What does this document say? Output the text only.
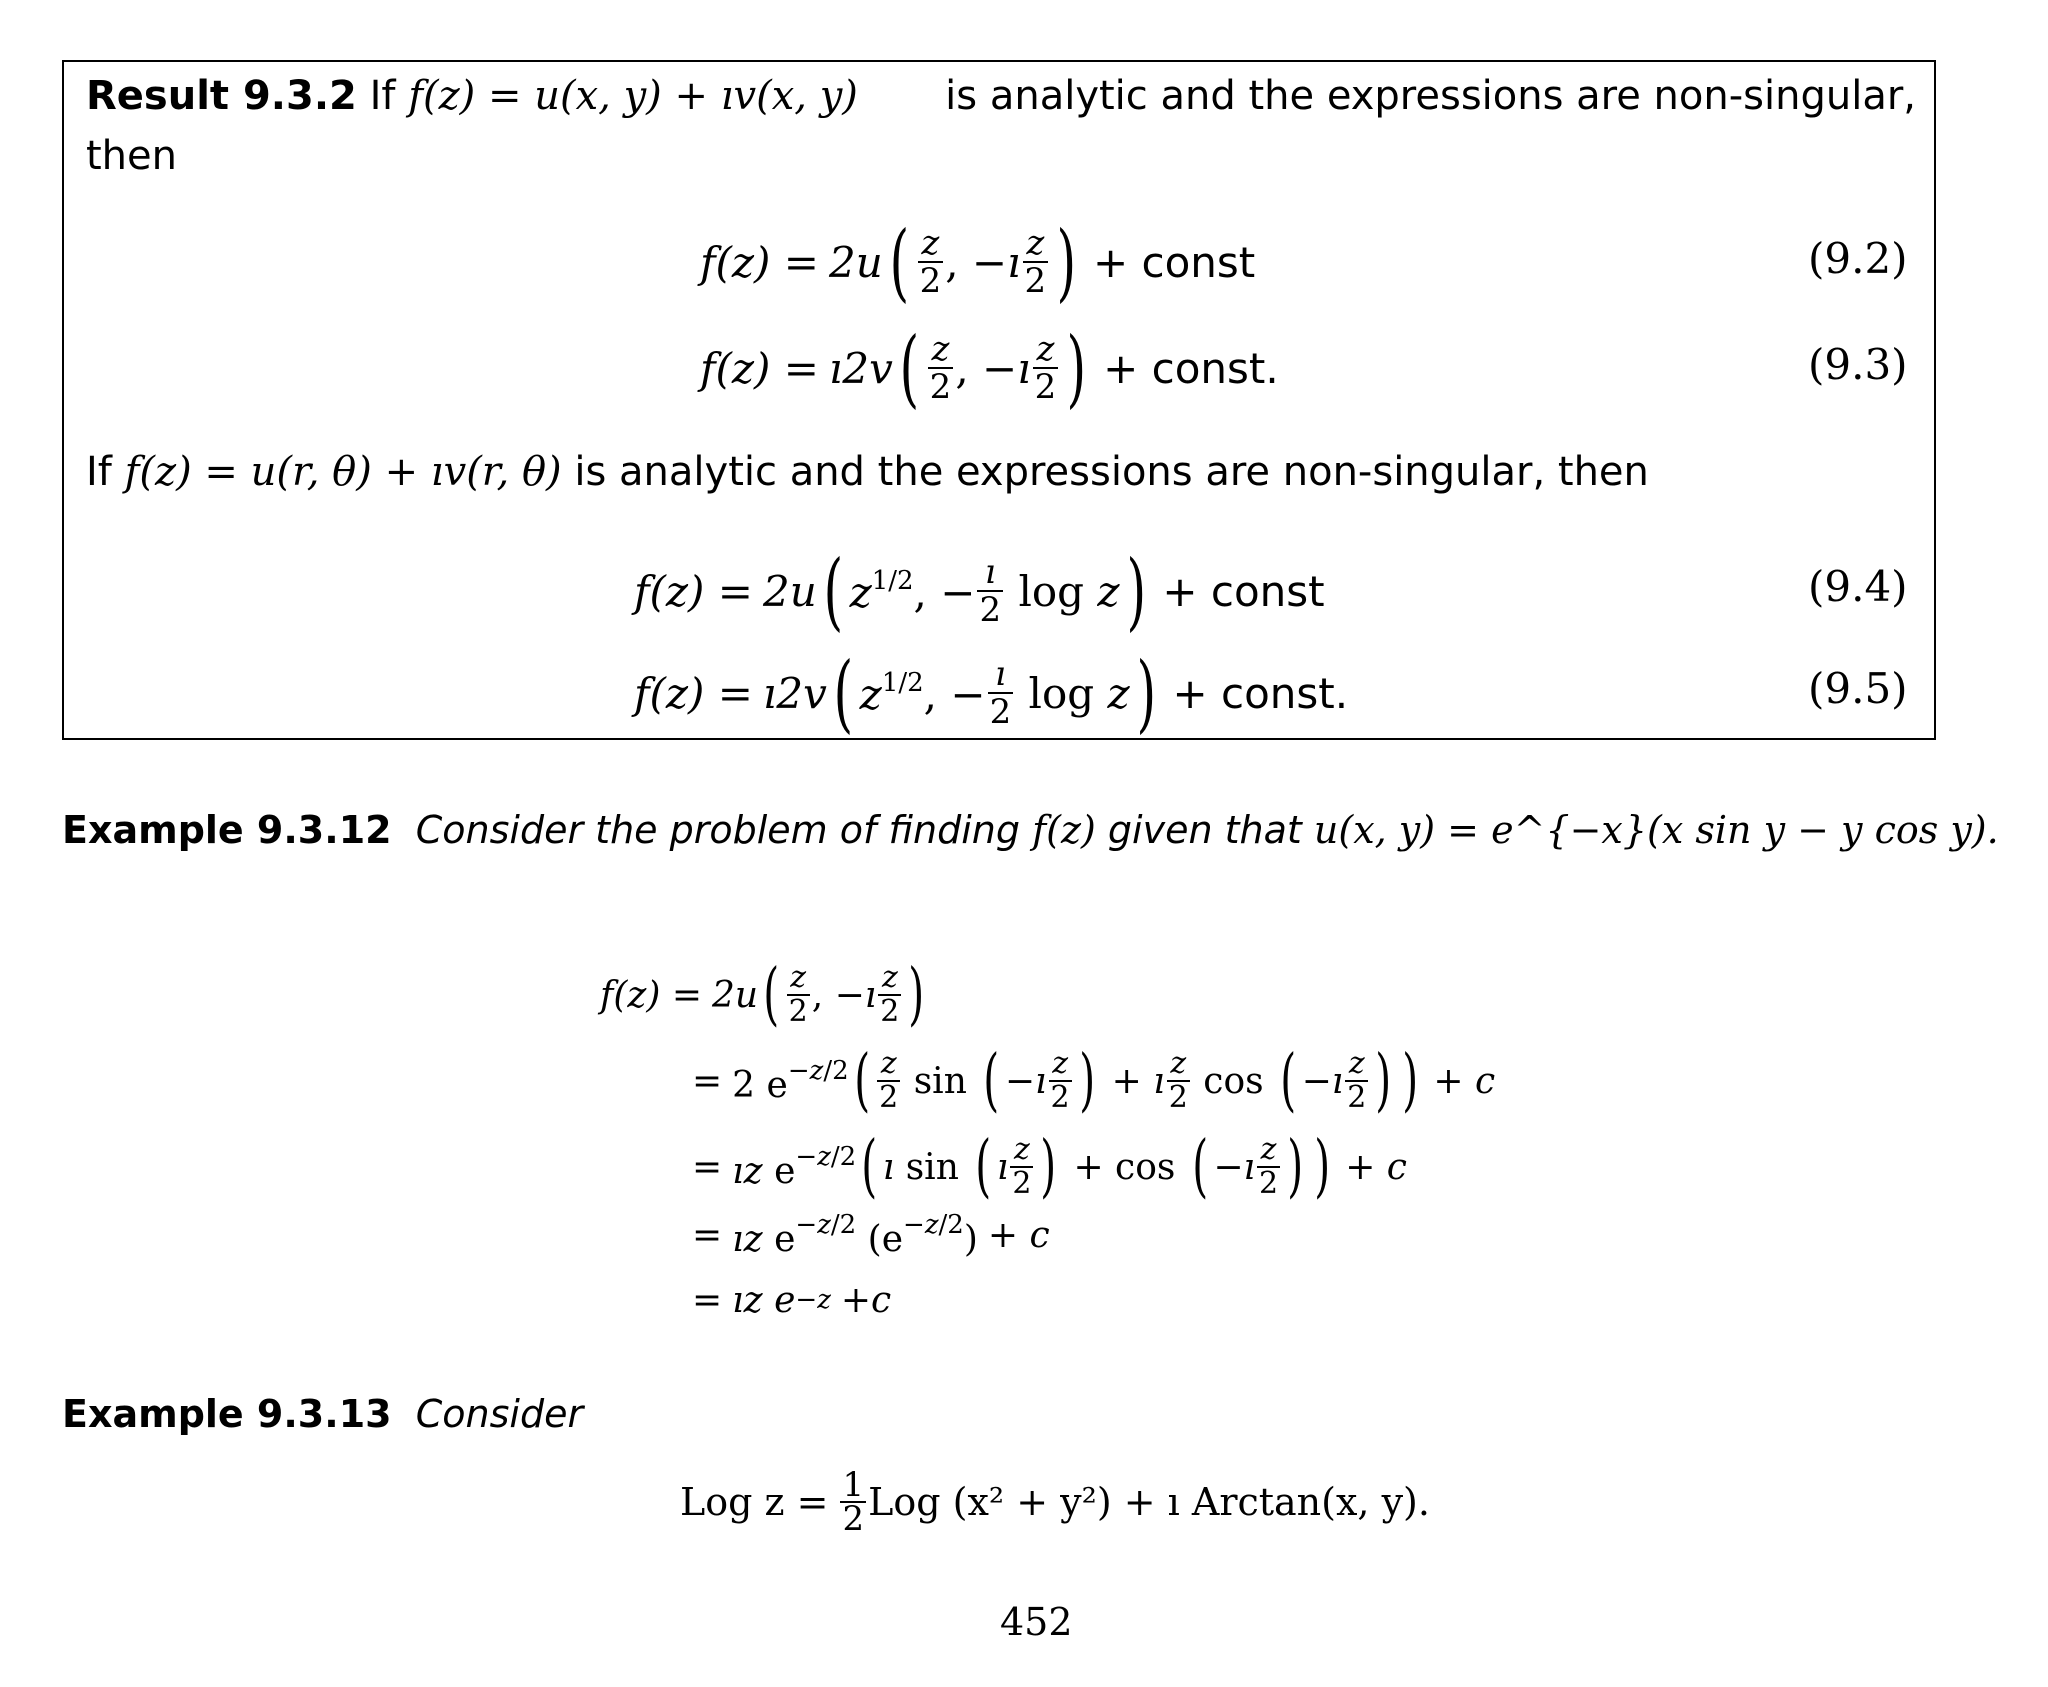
Result 9.3.2 If f(z) = u(x, y) + ıv(x, y) is analytic and the expressions are non-singular,
then
f(z) = 2u ( $\frac{z}{2}$ , −ı $\frac{z}{2}$ ) + const	(9.2)
f(z) = ı2v ( $\frac{z}{2}$ , −ı $\frac{z}{2}$ ) + const.	(9.3)
If f(z) = u(r, θ) + ıv(r, θ) is analytic and the expressions are non-singular, then
f(z) = 2u ( $z^{1/2}$, − $\frac{ı}{2}$ log z ) + const	(9.4)
f(z) = ı2v ( $z^{1/2}$, − $\frac{ı}{2}$ log z ) + const.	(9.5)
Example 9.3.12 Consider the problem of finding f(z) given that u(x, y) = e^{−x}(x sin y − y cos y).
f(z) = 2u ( $\frac{z}{2}$ , −ı $\frac{z}{2}$ )
= 2 $e^{-z/2}$ ( $\frac{z}{2}$ sin ( −ı $\frac{z}{2}$ ) + ı $\frac{z}{2}$ cos ( −ı $\frac{z}{2}$ ) ) + c
= ız $e^{-z/2}$ ( ı sin ( ı $\frac{z}{2}$ ) + cos ( −ı $\frac{z}{2}$ ) ) + c
= ız $e^{-z/2}$ $(e^{-z/2}) + c$
= ız e −z +c
Example 9.3.13 Consider
Log $z = \frac{1}{2}$ Log (x² + y²) + ı Arctan(x, y).
452
